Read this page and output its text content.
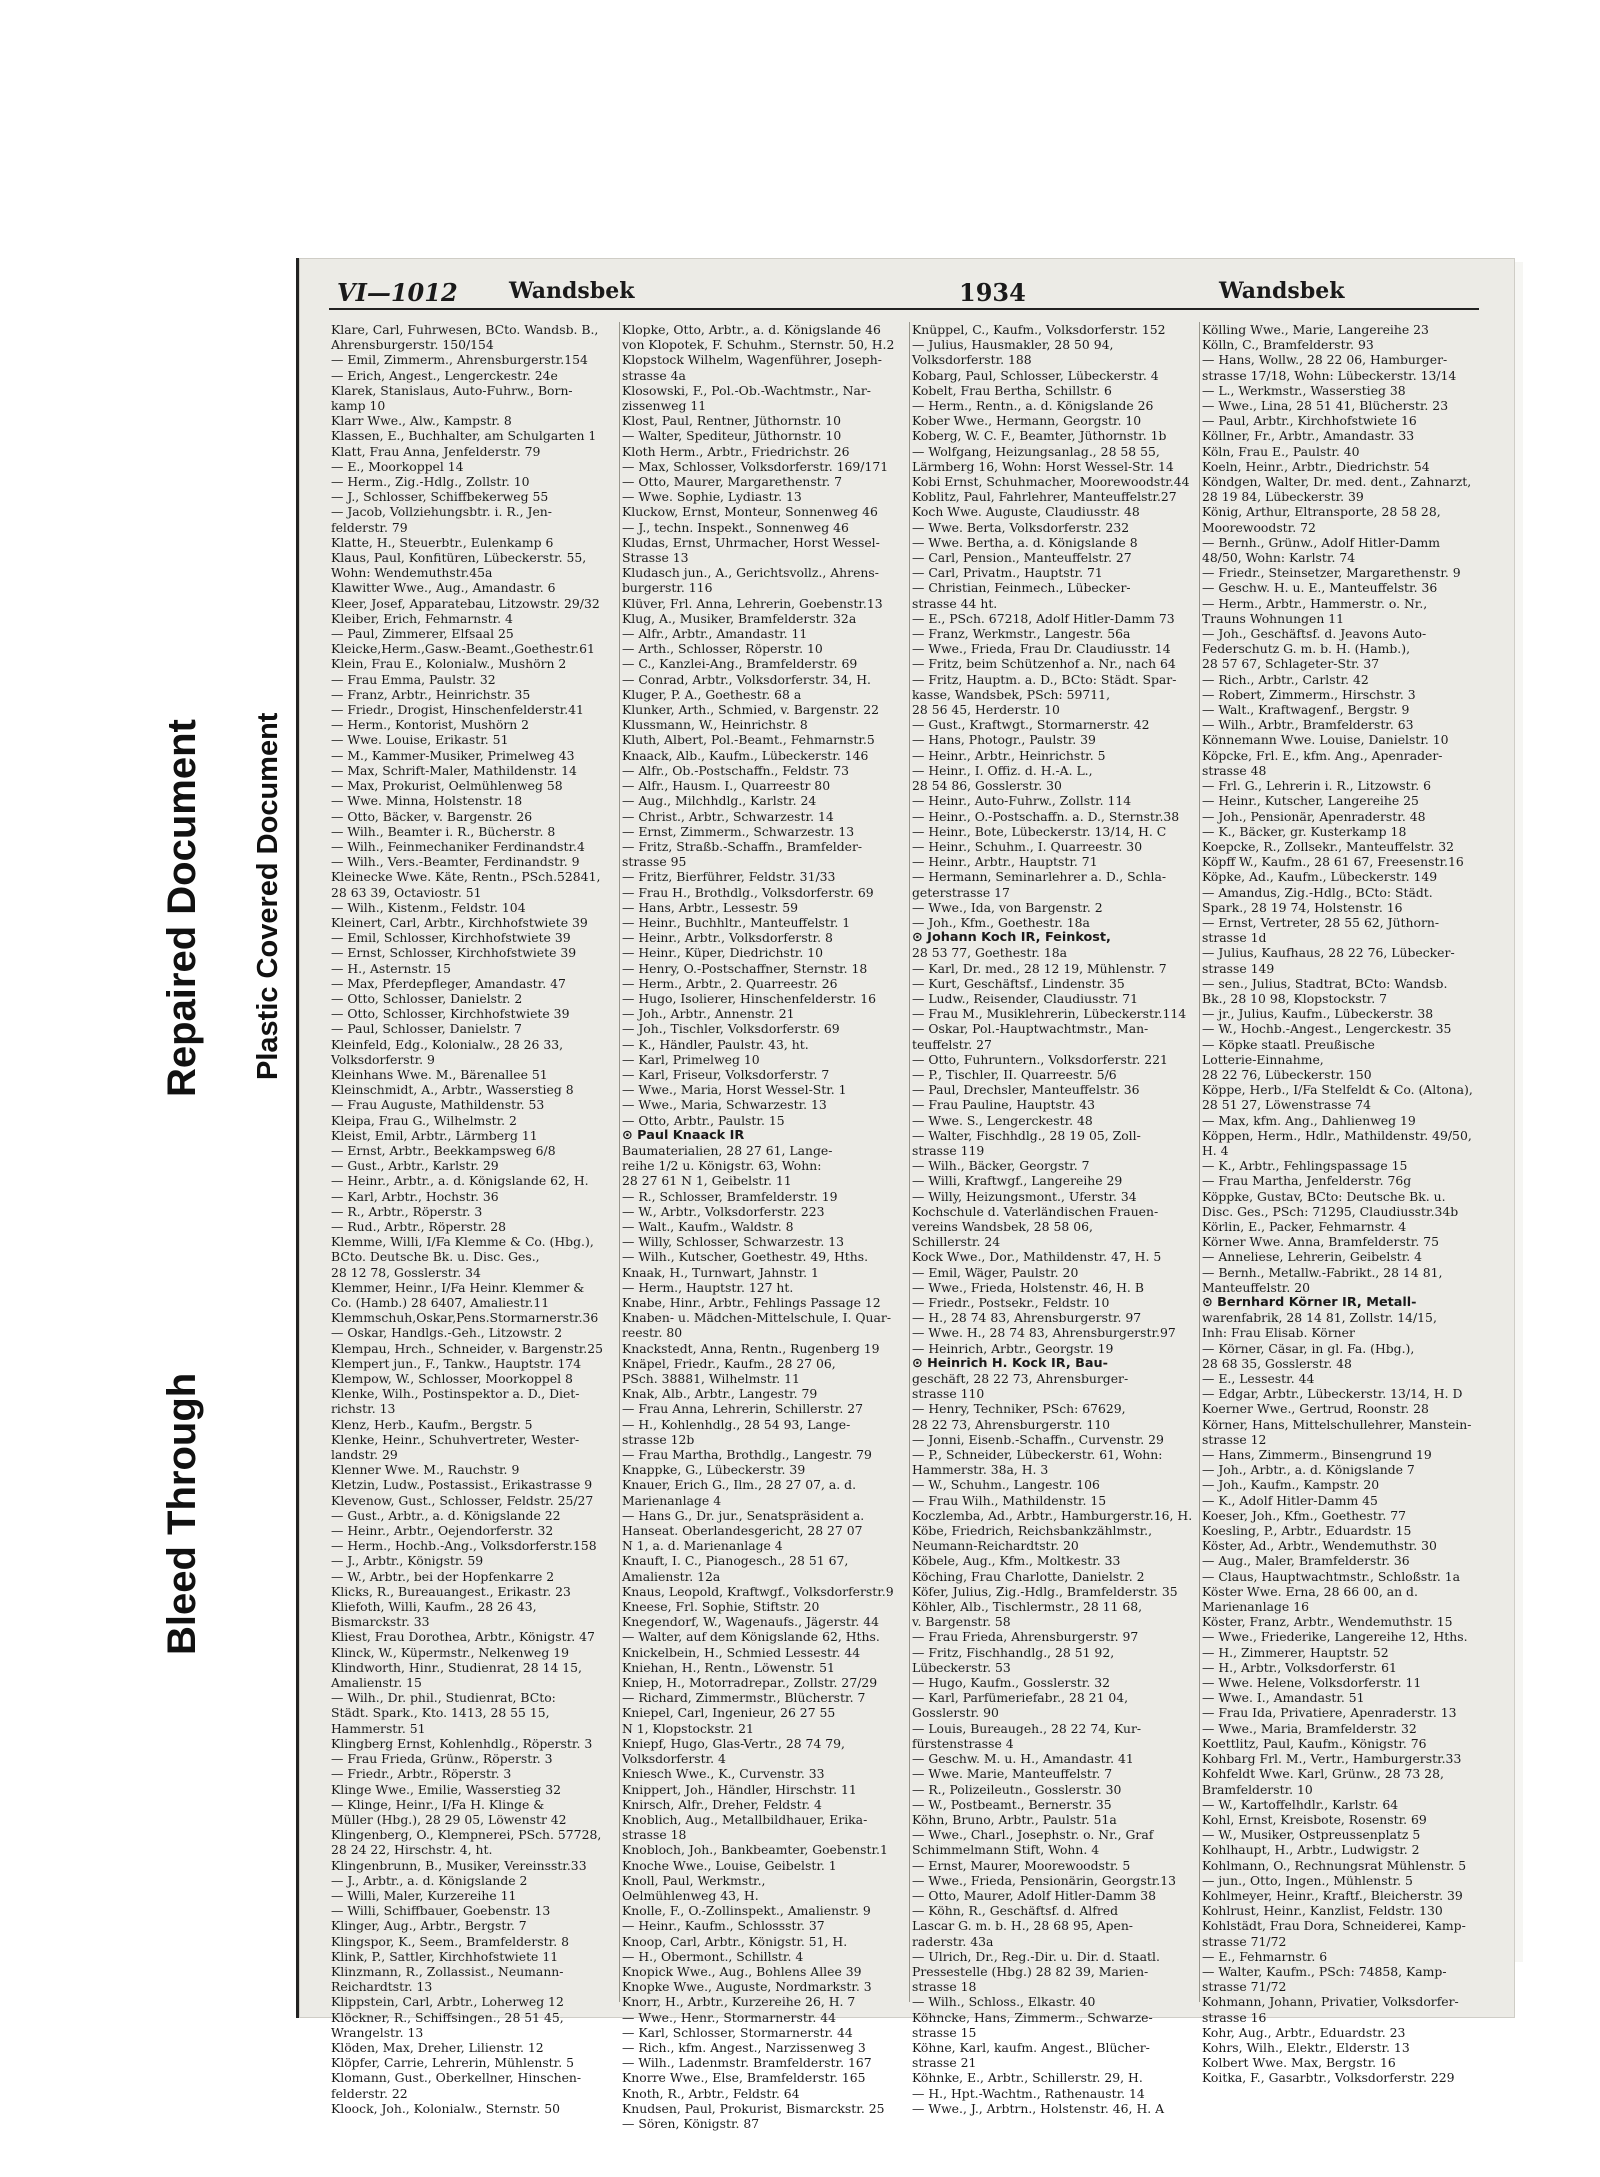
Bleed Through
Repaired Document Plastic Covered Document
VI—1012 Wandsbek	1934	Wandsbek
Klare, Carl, Fuhrwesen, BCto. Wandsb. B.,
Ahrensburgerstr. 150/154
— Emil, Zimmerm., Ahrensburgerstr.154
— Erich, Angest., Lengerckestr. 24e
Klarek, Stanislaus, Auto-Fuhrw., Born-
kamp 10
Klarr Wwe., Alw., Kampstr. 8
Klassen, E., Buchhalter, am Schulgarten 1
Klatt, Frau Anna, Jenfelderstr. 79
— E., Moorkoppel 14
— Herm., Zig.-Hdlg., Zollstr. 10
— J., Schlosser, Schiffbekerweg 55
— Jacob, Vollziehungsbtr. i. R., Jen-
felderstr. 79
Klatte, H., Steuerbtr., Eulenkamp 6
Klaus, Paul, Konfitüren, Lübeckerstr. 55,
Wohn: Wendemuthstr.45a
Klawitter Wwe., Aug., Amandastr. 6
Kleer, Josef, Apparatebau, Litzowstr. 29/32
Kleiber, Erich, Fehmarnstr. 4
— Paul, Zimmerer, Elfsaal 25
Kleicke,Herm.,Gasw.-Beamt.,Goethestr.61
Klein, Frau E., Kolonialw., Mushörn 2
— Frau Emma, Paulstr. 32
— Franz, Arbtr., Heinrichstr. 35
— Friedr., Drogist, Hinschenfelderstr.41
— Herm., Kontorist, Mushörn 2
— Wwe. Louise, Erikastr. 51
— M., Kammer-Musiker, Primelweg 43
— Max, Schrift-Maler, Mathildenstr. 14
— Max, Prokurist, Oelmühlenweg 58
— Wwe. Minna, Holstenstr. 18
— Otto, Bäcker, v. Bargenstr. 26
— Wilh., Beamter i. R., Bücherstr. 8
— Wilh., Feinmechaniker Ferdinandstr.4
— Wilh., Vers.-Beamter, Ferdinandstr. 9
Kleinecke Wwe. Käte, Rentn., PSch.52841,
28 63 39, Octaviostr. 51
— Wilh., Kistenm., Feldstr. 104
Kleinert, Carl, Arbtr., Kirchhofstwiete 39
— Emil, Schlosser, Kirchhofstwiete 39
— Ernst, Schlosser, Kirchhofstwiete 39
— H., Asternstr. 15
— Max, Pferdepfleger, Amandastr. 47
— Otto, Schlosser, Danielstr. 2
— Otto, Schlosser, Kirchhofstwiete 39
— Paul, Schlosser, Danielstr. 7
Kleinfeld, Edg., Kolonialw., 28 26 33,
Volksdorferstr. 9
Kleinhans Wwe. M., Bärenallee 51
Kleinschmidt, A., Arbtr., Wasserstieg 8
— Frau Auguste, Mathildenstr. 53
Kleipa, Frau G., Wilhelmstr. 2
Kleist, Emil, Arbtr., Lärmberg 11
— Ernst, Arbtr., Beekkampsweg 6/8
— Gust., Arbtr., Karlstr. 29
— Heinr., Arbtr., a. d. Königslande 62, H.
— Karl, Arbtr., Hochstr. 36
— R., Arbtr., Röperstr. 3
— Rud., Arbtr., Röperstr. 28
Klemme, Willi, I/Fa Klemme & Co. (Hbg.),
BCto. Deutsche Bk. u. Disc. Ges.,
28 12 78, Gosslerstr. 34
Klemmer, Heinr., I/Fa Heinr. Klemmer &
Co. (Hamb.) 28 6407, Amaliestr.11
Klemmschuh,Oskar,Pens.Stormarnerstr.36
— Oskar, Handlgs.-Geh., Litzowstr. 2
Klempau, Hrch., Schneider, v. Bargenstr.25
Klempert jun., F., Tankw., Hauptstr. 174
Klempow, W., Schlosser, Moorkoppel 8
Klenke, Wilh., Postinspektor a. D., Diet-
richstr. 13
Klenz, Herb., Kaufm., Bergstr. 5
Klenke, Heinr., Schuhvertreter, Wester-
landstr. 29
Klenner Wwe. M., Rauchstr. 9
Kletzin, Ludw., Postassist., Erikastrasse 9
Klevenow, Gust., Schlosser, Feldstr. 25/27
— Gust., Arbtr., a. d. Königslande 22
— Heinr., Arbtr., Oejendorferstr. 32
— Herm., Hochb.-Ang., Volksdorferstr.158
— J., Arbtr., Königstr. 59
— W., Arbtr., bei der Hopfenkarre 2
Klicks, R., Bureauangest., Erikastr. 23
Kliefoth, Willi, Kaufm., 28 26 43,
Bismarckstr. 33
Kliest, Frau Dorothea, Arbtr., Königstr. 47
Klinck, W., Küpermstr., Nelkenweg 19
Klindworth, Hinr., Studienrat, 28 14 15,
Amalienstr. 15
— Wilh., Dr. phil., Studienrat, BCto:
Städt. Spark., Kto. 1413, 28 55 15,
Hammerstr. 51
Klingberg Ernst, Kohlenhdlg., Röperstr. 3
— Frau Frieda, Grünw., Röperstr. 3
— Friedr., Arbtr., Röperstr. 3
Klinge Wwe., Emilie, Wasserstieg 32
— Klinge, Heinr., I/Fa H. Klinge &
Müller (Hbg.), 28 29 05, Löwenstr 42
Klingenberg, O., Klempnerei, PSch. 57728,
28 24 22, Hirschstr. 4, ht.
Klingenbrunn, B., Musiker, Vereinsstr.33
— J., Arbtr., a. d. Königslande 2
— Willi, Maler, Kurzereihe 11
— Willi, Schiffbauer, Goebenstr. 13
Klinger, Aug., Arbtr., Bergstr. 7
Klingspor, K., Seem., Bramfelderstr. 8
Klink, P., Sattler, Kirchhofstwiete 11
Klinzmann, R., Zollassist., Neumann-
Reichardtstr. 13
Klippstein, Carl, Arbtr., Loherweg 12
Klöckner, R., Schiffsingen., 28 51 45,
Wrangelstr. 13
Klöden, Max, Dreher, Lilienstr. 12
Klöpfer, Carrie, Lehrerin, Mühlenstr. 5
Klomann, Gust., Oberkellner, Hinschen-
felderstr. 22
Kloock, Joh., Kolonialw., Sternstr. 50
Klopke, Otto, Arbtr., a. d. Königslande 46
von Klopotek, F. Schuhm., Sternstr. 50, H.2
Klopstock Wilhelm, Wagenführer, Joseph-
strasse 4a
Klosowski, F., Pol.-Ob.-Wachtmstr., Nar-
zissenweg 11
Klost, Paul, Rentner, Jüthornstr. 10
— Walter, Spediteur, Jüthornstr. 10
Kloth Herm., Arbtr., Friedrichstr. 26
— Max, Schlosser, Volksdorferstr. 169/171
— Otto, Maurer, Margarethenstr. 7
— Wwe. Sophie, Lydiastr. 13
Kluckow, Ernst, Monteur, Sonnenweg 46
— J., techn. Inspekt., Sonnenweg 46
Kludas, Ernst, Uhrmacher, Horst Wessel-
Strasse 13
Kludasch jun., A., Gerichtsvollz., Ahrens-
burgerstr. 116
Klüver, Frl. Anna, Lehrerin, Goebenstr.13
Klug, A., Musiker, Bramfelderstr. 32a
— Alfr., Arbtr., Amandastr. 11
— Arth., Schlosser, Röperstr. 10
— C., Kanzlei-Ang., Bramfelderstr. 69
— Conrad, Arbtr., Volksdorferstr. 34, H.
Kluger, P. A., Goethestr. 68 a
Klunker, Arth., Schmied, v. Bargenstr. 22
Klussmann, W., Heinrichstr. 8
Kluth, Albert, Pol.-Beamt., Fehmarnstr.5
Knaack, Alb., Kaufm., Lübeckerstr. 146
— Alfr., Ob.-Postschaffn., Feldstr. 73
— Alfr., Hausm. I., Quarreestr 80
— Aug., Milchhdlg., Karlstr. 24
— Christ., Arbtr., Schwarzestr. 14
— Ernst, Zimmerm., Schwarzestr. 13
— Fritz, Straßb.-Schaffn., Bramfelder-
strasse 95
— Fritz, Bierführer, Feldstr. 31/33
— Frau H., Brothdlg., Volksdorferstr. 69
— Hans, Arbtr., Lessestr. 59
— Heinr., Buchhltr., Manteuffelstr. 1
— Heinr., Arbtr., Volksdorferstr. 8
— Heinr., Küper, Diedrichstr. 10
— Henry, O.-Postschaffner, Sternstr. 18
— Herm., Arbtr., 2. Quarreestr. 26
— Hugo, Isolierer, Hinschenfelderstr. 16
— Joh., Arbtr., Annenstr. 21
— Joh., Tischler, Volksdorferstr. 69
— K., Händler, Paulstr. 43, ht.
— Karl, Primelweg 10
— Karl, Friseur, Volksdorferstr. 7
— Wwe., Maria, Horst Wessel-Str. 1
— Wwe., Maria, Schwarzestr. 13
— Otto, Arbtr., Paulstr. 15
⊙ Paul Knaack IR
Baumaterialien, 28 27 61, Lange-
reihe 1/2 u. Königstr. 63, Wohn:
28 27 61 N 1, Geibelstr. 11
— R., Schlosser, Bramfelderstr. 19
— W., Arbtr., Volksdorferstr. 223
— Walt., Kaufm., Waldstr. 8
— Willy, Schlosser, Schwarzestr. 13
— Wilh., Kutscher, Goethestr. 49, Hths.
Knaak, H., Turnwart, Jahnstr. 1
— Herm., Hauptstr. 127 ht.
Knabe, Hinr., Arbtr., Fehlings Passage 12
Knaben- u. Mädchen-Mittelschule, I. Quar-
reestr. 80
Knackstedt, Anna, Rentn., Rugenberg 19
Knäpel, Friedr., Kaufm., 28 27 06,
PSch. 38881, Wilhelmstr. 11
Knak, Alb., Arbtr., Langestr. 79
— Frau Anna, Lehrerin, Schillerstr. 27
— H., Kohlenhdlg., 28 54 93, Lange-
strasse 12b
— Frau Martha, Brothdlg., Langestr. 79
Knappke, G., Lübeckerstr. 39
Knauer, Erich G., Ilm., 28 27 07, a. d.
Marienanlage 4
— Hans G., Dr. jur., Senatspräsident a.
Hanseat. Oberlandesgericht, 28 27 07
N 1, a. d. Marienanlage 4
Knauft, I. C., Pianogesch., 28 51 67,
Amalienstr. 12a
Knaus, Leopold, Kraftwgf., Volksdorferstr.9
Kneese, Frl. Sophie, Stiftstr. 20
Knegendorf, W., Wagenaufs., Jägerstr. 44
— Walter, auf dem Königslande 62, Hths.
Knickelbein, H., Schmied Lessestr. 44
Kniehan, H., Rentn., Löwenstr. 51
Kniep, H., Motorradrepar., Zollstr. 27/29
— Richard, Zimmermstr., Blücherstr. 7
Kniepel, Carl, Ingenieur, 26 27 55
N 1, Klopstockstr. 21
Kniepf, Hugo, Glas-Vertr., 28 74 79,
Volksdorferstr. 4
Kniesch Wwe., K., Curvenstr. 33
Knippert, Joh., Händler, Hirschstr. 11
Knirsch, Alfr., Dreher, Feldstr. 4
Knoblich, Aug., Metallbildhauer, Erika-
strasse 18
Knobloch, Joh., Bankbeamter, Goebenstr.1
Knoche Wwe., Louise, Geibelstr. 1
Knoll, Paul, Werkmstr.,
Oelmühlenweg 43, H.
Knolle, F., O.-Zollinspekt., Amalienstr. 9
— Heinr., Kaufm., Schlossstr. 37
Knoop, Carl, Arbtr., Königstr. 51, H.
— H., Obermont., Schillstr. 4
Knopick Wwe., Aug., Bohlens Allee 39
Knopke Wwe., Auguste, Nordmarkstr. 3
Knorr, H., Arbtr., Kurzereihe 26, H. 7
— Wwe., Henr., Stormarnerstr. 44
— Karl, Schlosser, Stormarnerstr. 44
— Rich., kfm. Angest., Narzissenweg 3
— Wilh., Ladenmstr. Bramfelderstr. 167
Knorre Wwe., Else, Bramfelderstr. 165
Knoth, R., Arbtr., Feldstr. 64
Knudsen, Paul, Prokurist, Bismarckstr. 25
— Sören, Königstr. 87
Knüppel, C., Kaufm., Volksdorferstr. 152
— Julius, Hausmakler, 28 50 94,
Volksdorferstr. 188
Kobarg, Paul, Schlosser, Lübeckerstr. 4
Kobelt, Frau Bertha, Schillstr. 6
— Herm., Rentn., a. d. Königslande 26
Kober Wwe., Hermann, Georgstr. 10
Koberg, W. C. F., Beamter, Jüthornstr. 1b
— Wolfgang, Heizungsanlag., 28 58 55,
Lärmberg 16, Wohn: Horst Wessel-Str. 14
Kobi Ernst, Schuhmacher, Moorewoodstr.44
Koblitz, Paul, Fahrlehrer, Manteuffelstr.27
Koch Wwe. Auguste, Claudiusstr. 48
— Wwe. Berta, Volksdorferstr. 232
— Wwe. Bertha, a. d. Königslande 8
— Carl, Pension., Manteuffelstr. 27
— Carl, Privatm., Hauptstr. 71
— Christian, Feinmech., Lübecker-
strasse 44 ht.
— E., PSch. 67218, Adolf Hitler-Damm 73
— Franz, Werkmstr., Langestr. 56a
— Wwe., Frieda, Frau Dr. Claudiusstr. 14
— Fritz, beim Schützenhof a. Nr., nach 64
— Fritz, Hauptm. a. D., BCto: Städt. Spar-
kasse, Wandsbek, PSch: 59711,
28 56 45, Herderstr. 10
— Gust., Kraftwgt., Stormarnerstr. 42
— Hans, Photogr., Paulstr. 39
— Heinr., Arbtr., Heinrichstr. 5
— Heinr., I. Offiz. d. H.-A. L.,
28 54 86, Gosslerstr. 30
— Heinr., Auto-Fuhrw., Zollstr. 114
— Heinr., O.-Postschaffn. a. D., Sternstr.38
— Heinr., Bote, Lübeckerstr. 13/14, H. C
— Heinr., Schuhm., I. Quarreestr. 30
— Heinr., Arbtr., Hauptstr. 71
— Hermann, Seminarlehrer a. D., Schla-
geterstrasse 17
— Wwe., Ida, von Bargenstr. 2
— Joh., Kfm., Goethestr. 18a
⊙ Johann Koch IR, Feinkost,
28 53 77, Goethestr. 18a
— Karl, Dr. med., 28 12 19, Mühlenstr. 7
— Kurt, Geschäftsf., Lindenstr. 35
— Ludw., Reisender, Claudiusstr. 71
— Frau M., Musiklehrerin, Lübeckerstr.114
— Oskar, Pol.-Hauptwachtmstr., Man-
teuffelstr. 27
— Otto, Fuhruntern., Volksdorferstr. 221
— P., Tischler, II. Quarreestr. 5/6
— Paul, Drechsler, Manteuffelstr. 36
— Frau Pauline, Hauptstr. 43
— Wwe. S., Lengerckestr. 48
— Walter, Fischhdlg., 28 19 05, Zoll-
strasse 119
— Wilh., Bäcker, Georgstr. 7
— Willi, Kraftwgf., Langereihe 29
— Willy, Heizungsmont., Uferstr. 34
Kochschule d. Vaterländischen Frauen-
vereins Wandsbek, 28 58 06,
Schillerstr. 24
Kock Wwe., Dor., Mathildenstr. 47, H. 5
— Emil, Wäger, Paulstr. 20
— Wwe., Frieda, Holstenstr. 46, H. B
— Friedr., Postsekr., Feldstr. 10
— H., 28 74 83, Ahrensburgerstr. 97
— Wwe. H., 28 74 83, Ahrensburgerstr.97
— Heinrich, Arbtr., Georgstr. 19
⊙ Heinrich H. Kock IR, Bau-
geschäft, 28 22 73, Ahrensburger-
strasse 110
— Henry, Techniker, PSch: 67629,
28 22 73, Ahrensburgerstr. 110
— Jonni, Eisenb.-Schaffn., Curvenstr. 29
— P., Schneider, Lübeckerstr. 61, Wohn:
Hammerstr. 38a, H. 3
— W., Schuhm., Langestr. 106
— Frau Wilh., Mathildenstr. 15
Koczlemba, Ad., Arbtr., Hamburgerstr.16, H.
Köbe, Friedrich, Reichsbankzählmstr.,
Neumann-Reichardtstr. 20
Köbele, Aug., Kfm., Moltkestr. 33
Köching, Frau Charlotte, Danielstr. 2
Köfer, Julius, Zig.-Hdlg., Bramfelderstr. 35
Köhler, Alb., Tischlermstr., 28 11 68,
v. Bargenstr. 58
— Frau Frieda, Ahrensburgerstr. 97
— Fritz, Fischhandlg., 28 51 92,
Lübeckerstr. 53
— Hugo, Kaufm., Gosslerstr. 32
— Karl, Parfümeriefabr., 28 21 04,
Gosslerstr. 90
— Louis, Bureaugeh., 28 22 74, Kur-
fürstenstrasse 4
— Geschw. M. u. H., Amandastr. 41
— Wwe. Marie, Manteuffelstr. 7
— R., Polizeileutn., Gosslerstr. 30
— W., Postbeamt., Bernerstr. 35
Köhn, Bruno, Arbtr., Paulstr. 51a
— Wwe., Charl., Josephstr. o. Nr., Graf
Schimmelmann Stift, Wohn. 4
— Ernst, Maurer, Moorewoodstr. 5
— Wwe., Frieda, Pensionärin, Georgstr.13
— Otto, Maurer, Adolf Hitler-Damm 38
— Köhn, R., Geschäftsf. d. Alfred
Lascar G. m. b. H., 28 68 95, Apen-
raderstr. 43a
— Ulrich, Dr., Reg.-Dir. u. Dir. d. Staatl.
Pressestelle (Hbg.) 28 82 39, Marien-
strasse 18
— Wilh., Schloss., Elkastr. 40
Köhncke, Hans, Zimmerm., Schwarze-
strasse 15
Köhne, Karl, kaufm. Angest., Blücher-
strasse 21
Köhnke, E., Arbtr., Schillerstr. 29, H.
— H., Hpt.-Wachtm., Rathenaustr. 14
— Wwe., J., Arbtrn., Holstenstr. 46, H. A
Kölling Wwe., Marie, Langereihe 23
Kölln, C., Bramfelderstr. 93
— Hans, Wollw., 28 22 06, Hamburger-
strasse 17/18, Wohn: Lübeckerstr. 13/14
— L., Werkmstr., Wasserstieg 38
— Wwe., Lina, 28 51 41, Blücherstr. 23
— Paul, Arbtr., Kirchhofstwiete 16
Köllner, Fr., Arbtr., Amandastr. 33
Köln, Frau E., Paulstr. 40
Koeln, Heinr., Arbtr., Diedrichstr. 54
Köndgen, Walter, Dr. med. dent., Zahnarzt,
28 19 84, Lübeckerstr. 39
König, Arthur, Eltransporte, 28 58 28,
Moorewoodstr. 72
— Bernh., Grünw., Adolf Hitler-Damm
48/50, Wohn: Karlstr. 74
— Friedr., Steinsetzer, Margarethenstr. 9
— Geschw. H. u. E., Manteuffelstr. 36
— Herm., Arbtr., Hammerstr. o. Nr.,
Trauns Wohnungen 11
— Joh., Geschäftsf. d. Jeavons Auto-
Federschutz G. m. b. H. (Hamb.),
28 57 67, Schlageter-Str. 37
— Rich., Arbtr., Carlstr. 42
— Robert, Zimmerm., Hirschstr. 3
— Walt., Kraftwagenf., Bergstr. 9
— Wilh., Arbtr., Bramfelderstr. 63
Könnemann Wwe. Louise, Danielstr. 10
Köpcke, Frl. E., kfm. Ang., Apenrader-
strasse 48
— Frl. G., Lehrerin i. R., Litzowstr. 6
— Heinr., Kutscher, Langereihe 25
— Joh., Pensionär, Apenraderstr. 48
— K., Bäcker, gr. Kusterkamp 18
Koepcke, R., Zollsekr., Manteuffelstr. 32
Köpff W., Kaufm., 28 61 67, Freesenstr.16
Köpke, Ad., Kaufm., Lübeckerstr. 149
— Amandus, Zig.-Hdlg., BCto: Städt.
Spark., 28 19 74, Holstenstr. 16
— Ernst, Vertreter, 28 55 62, Jüthorn-
strasse 1d
— Julius, Kaufhaus, 28 22 76, Lübecker-
strasse 149
— sen., Julius, Stadtrat, BCto: Wandsb.
Bk., 28 10 98, Klopstockstr. 7
— jr., Julius, Kaufm., Lübeckerstr. 38
— W., Hochb.-Angest., Lengerckestr. 35
— Köpke staatl. Preußische
Lotterie-Einnahme,
28 22 76, Lübeckerstr. 150
Köppe, Herb., I/Fa Stelfeldt & Co. (Altona),
28 51 27, Löwenstrasse 74
— Max, kfm. Ang., Dahlienweg 19
Köppen, Herm., Hdlr., Mathildenstr. 49/50,
H. 4
— K., Arbtr., Fehlingspassage 15
— Frau Martha, Jenfelderstr. 76g
Köppke, Gustav, BCto: Deutsche Bk. u.
Disc. Ges., PSch: 71295, Claudiusstr.34b
Körlin, E., Packer, Fehmarnstr. 4
Körner Wwe. Anna, Bramfelderstr. 75
— Anneliese, Lehrerin, Geibelstr. 4
— Bernh., Metallw.-Fabrikt., 28 14 81,
Manteuffelstr. 20
⊙ Bernhard Körner IR, Metall-
warenfabrik, 28 14 81, Zollstr. 14/15,
Inh: Frau Elisab. Körner
— Körner, Cäsar, in gl. Fa. (Hbg.),
28 68 35, Gosslerstr. 48
— E., Lessestr. 44
— Edgar, Arbtr., Lübeckerstr. 13/14, H. D
Koerner Wwe., Gertrud, Roonstr. 28
Körner, Hans, Mittelschullehrer, Manstein-
strasse 12
— Hans, Zimmerm., Binsengrund 19
— Joh., Arbtr., a. d. Königslande 7
— Joh., Kaufm., Kampstr. 20
— K., Adolf Hitler-Damm 45
Koeser, Joh., Kfm., Goethestr. 77
Koesling, P., Arbtr., Eduardstr. 15
Köster, Ad., Arbtr., Wendemuthstr. 30
— Aug., Maler, Bramfelderstr. 36
— Claus, Hauptwachtmstr., Schloßstr. 1a
Köster Wwe. Erna, 28 66 00, an d.
Marienanlage 16
Köster, Franz, Arbtr., Wendemuthstr. 15
— Wwe., Friederike, Langereihe 12, Hths.
— H., Zimmerer, Hauptstr. 52
— H., Arbtr., Volksdorferstr. 61
— Wwe. Helene, Volksdorferstr. 11
— Wwe. I., Amandastr. 51
— Frau Ida, Privatiere, Apenraderstr. 13
— Wwe., Maria, Bramfelderstr. 32
Koettlitz, Paul, Kaufm., Königstr. 76
Kohbarg Frl. M., Vertr., Hamburgerstr.33
Kohfeldt Wwe. Karl, Grünw., 28 73 28,
Bramfelderstr. 10
— W., Kartoffelhdlr., Karlstr. 64
Kohl, Ernst, Kreisbote, Rosenstr. 69
— W., Musiker, Ostpreussenplatz 5
Kohlhaupt, H., Arbtr., Ludwigstr. 2
Kohlmann, O., Rechnungsrat Mühlenstr. 5
— jun., Otto, Ingen., Mühlenstr. 5
Kohlmeyer, Heinr., Kraftf., Bleicherstr. 39
Kohlrust, Heinr., Kanzlist, Feldstr. 130
Kohlstädt, Frau Dora, Schneiderei, Kamp-
strasse 71/72
— E., Fehmarnstr. 6
— Walter, Kaufm., PSch: 74858, Kamp-
strasse 71/72
Kohmann, Johann, Privatier, Volksdorfer-
strasse 16
Kohr, Aug., Arbtr., Eduardstr. 23
Kohrs, Wilh., Elektr., Elderstr. 13
Kolbert Wwe. Max, Bergstr. 16
Koitka, F., Gasarbtr., Volksdorferstr. 229
